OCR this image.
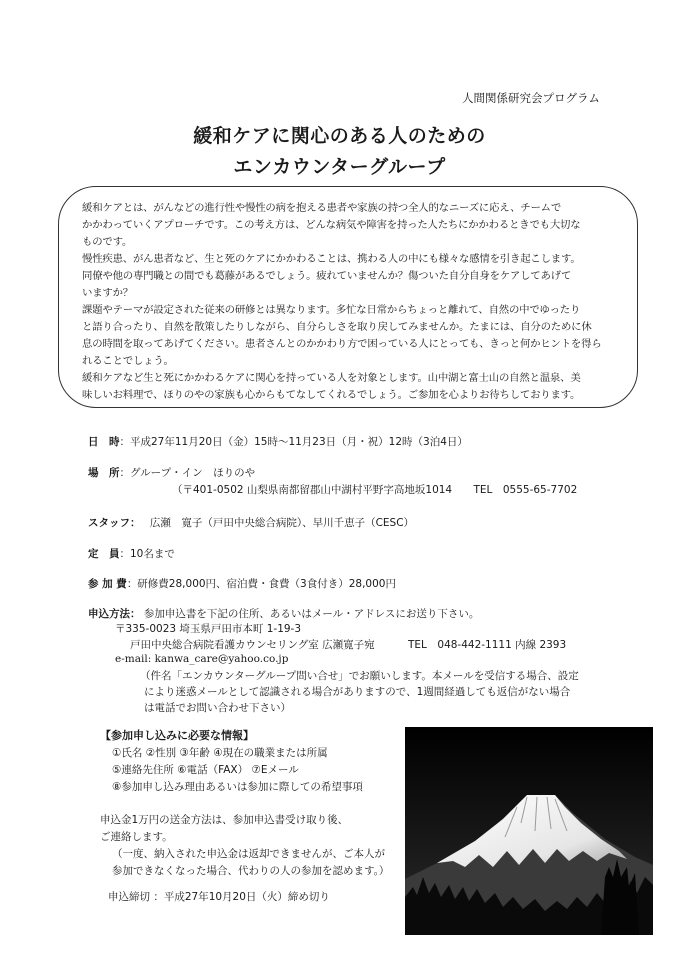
人間関係研究会プログラム
緩和ケアに関心のある人のための
エンカウンターグループ
緩和ケアとは、がんなどの進行性や慢性の病を抱える患者や家族の持つ全人的なニーズに応え、チームで
かかわっていくアプローチです。この考え方は、どんな病気や障害を持った人たちにかかわるときでも大切な
ものです。
慢性疾患、がん患者など、生と死のケアにかかわることは、携わる人の中にも様々な感情を引き起こします。
同僚や他の専門職との間でも葛藤があるでしょう。疲れていませんか？傷ついた自分自身をケアしてあげて
いますか？
課題やテーマが設定された従来の研修とは異なります。多忙な日常からちょっと離れて、自然の中でゆったり
と語り合ったり、自然を散策したりしながら、自分らしさを取り戻してみませんか。たまには、自分のために休
息の時間を取ってあげてください。患者さんとのかかわり方で困っている人にとっても、きっと何かヒントを得ら
れることでしょう。
緩和ケアなど生と死にかかわるケアに関心を持っている人を対象とします。山中湖と富士山の自然と温泉、美
味しいお料理で、ほりのやの家族も心からもてなしてくれるでしょう。ご参加を心よりお待ちしております。
日　時：平成27年11月20日（金）15時～11月23日（月・祝）12時（3泊4日）
場　所：グループ・イン　ほりのや
（〒401-0502 山梨県南都留郡山中湖村平野字高地坂1014 TEL　0555-65-7702
スタッフ： 広瀬　寛子（戸田中央総合病院）、早川千恵子（CESC）
定　員：10名まで
参 加 費：研修費28,000円、宿泊費・食費（3食付き）28,000円
申込方法： 参加申込書を下記の住所、あるいはメール・アドレスにお送り下さい。
〒335-0023 埼玉県戸田市本町 1-19-3
戸田中央総合病院看護カウンセリング室 広瀬寛子宛	TEL　048-442-1111 内線 2393
e-mail: kanwa_care@yahoo.co.jp
（件名「エンカウンターグループ問い合せ」でお願いします。本メールを受信する場合、設定
により迷惑メールとして認識される場合がありますので、1週間経過しても返信がない場合
は電話でお問い合わせ下さい）
【参加申し込みに必要な情報】
①氏名 ②性別 ③年齢 ④現在の職業または所属
⑤連絡先住所 ⑥電話（FAX） ⑦Eメール
⑧参加申し込み理由あるいは参加に際しての希望事項
申込金1万円の送金方法は、参加申込書受け取り後、
ご連絡します。
（一度、納入された申込金は返却できませんが、ご本人が
参加できなくなった場合、代わりの人の参加を認めます。）
申込締切 ：平成27年10月20日（火）締め切り
